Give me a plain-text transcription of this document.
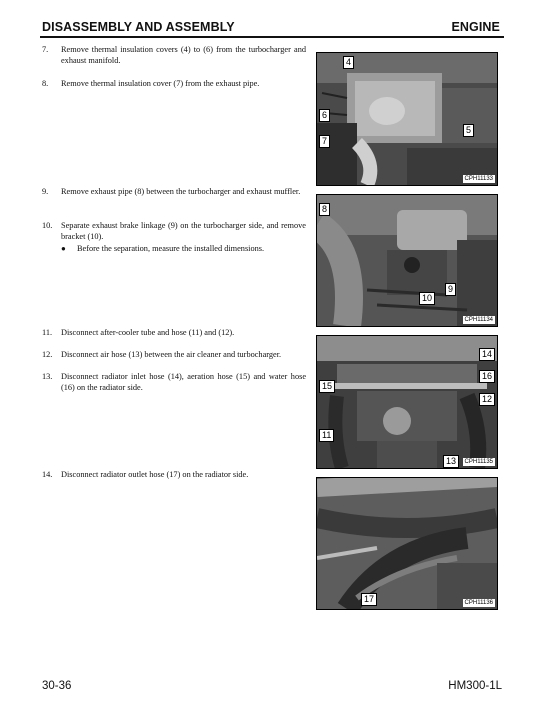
DISASSEMBLY AND ASSEMBLY	ENGINE
7. Remove thermal insulation covers (4) to (6) from the turbocharger and exhaust manifold.
8. Remove thermal insulation cover (7) from the exhaust pipe.
9. Remove exhaust pipe (8) between the turbocharger and exhaust muffler.
10. Separate exhaust brake linkage (9) on the turbocharger side, and remove bracket (10).
● Before the separation, measure the installed dimensions.
11. Disconnect after-cooler tube and hose (11) and (12).
12. Disconnect air hose (13) between the air cleaner and turbocharger.
13. Disconnect radiator inlet hose (14), aeration hose (15) and water hose (16) on the radiator side.
14. Disconnect radiator outlet hose (17) on the radiator side.
4
6
7
5
CPH11133
8
10
9
CPH11134
14
16
15
12
11
13	CPH11135
17	CPH11136
30-36	HM300-1L
